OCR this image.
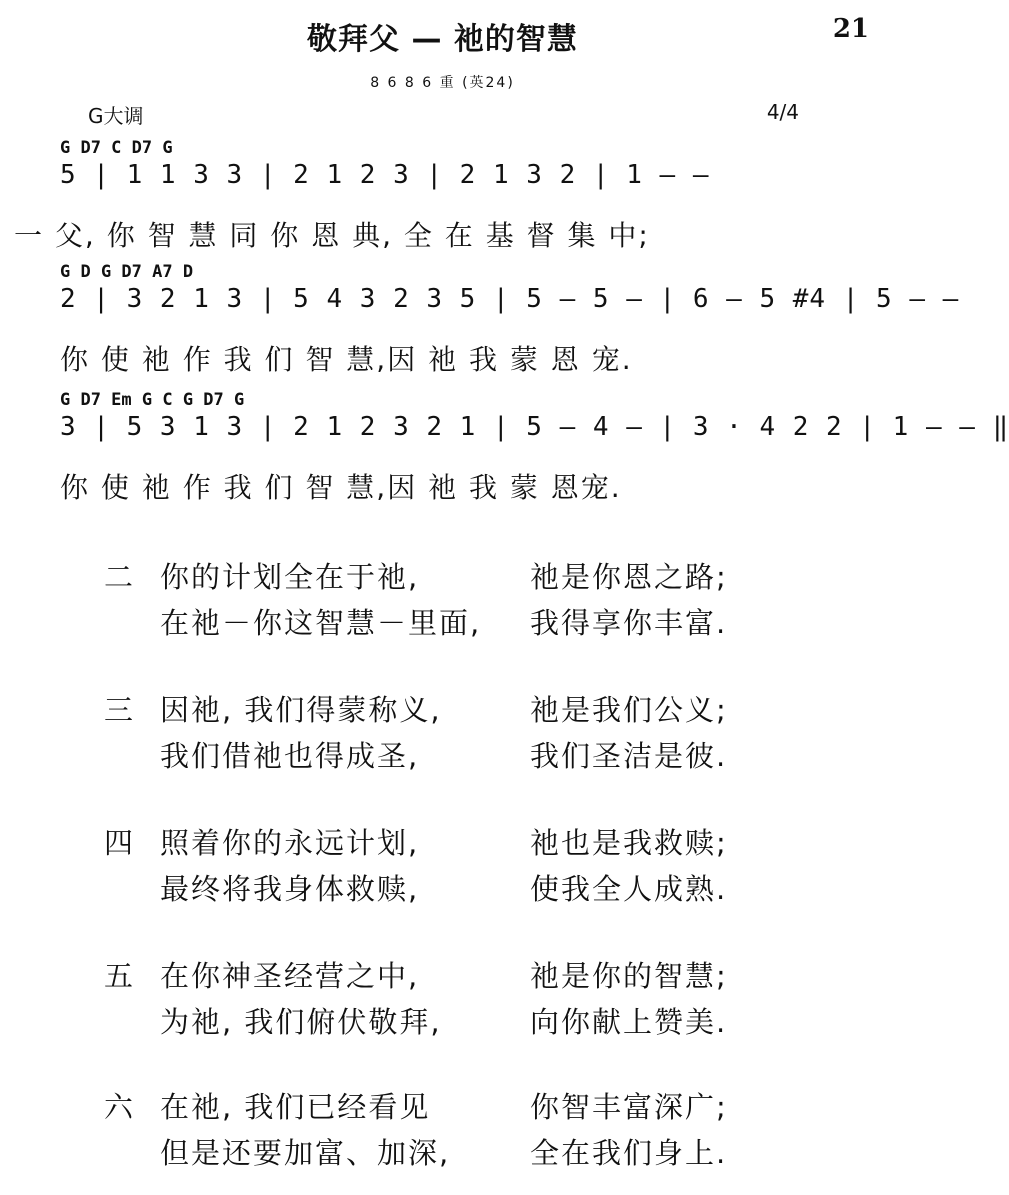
21
敬拜父 — 祂的智慧
8 6 8 6 重 (英24)
G大调	4/4
G D7 C D7 G
5 | 1 1 3 3 | 2 1 2 3 | 2 1 3 2 | 1 — —
一 父, 你 智 慧 同 你 恩 典, 全 在 基 督 集 中;
G D G D7 A7 D
2 | 3 2 1 3 | 5 4 3 2 3 5 | 5 — 5 — | 6 — 5 #4 | 5 — —
你 使 祂 作 我 们 智 慧,因 祂 我 蒙 恩 宠.
G D7 Em G C G D7 G
3 | 5 3 1 3 | 2 1 2 3 2 1 | 5 — 4 — | 3 · 4 2 2 | 1 — — ‖
你 使 祂 作 我 们 智 慧,因 祂 我 蒙 恩宠.
二 你的计划全在于祂,	祂是你恩之路;
在祂－你这智慧－里面, 我得享你丰富.
三 因祂, 我们得蒙称义,	祂是我们公义;
我们借祂也得成圣,	我们圣洁是彼.
四 照着你的永远计划,	祂也是我救赎;
最终将我身体救赎,	使我全人成熟.
五 在你神圣经营之中,	祂是你的智慧;
为祂, 我们俯伏敬拜,	向你献上赞美.
六 在祂, 我们已经看见	你智丰富深广;
但是还要加富、加深,	全在我们身上.
